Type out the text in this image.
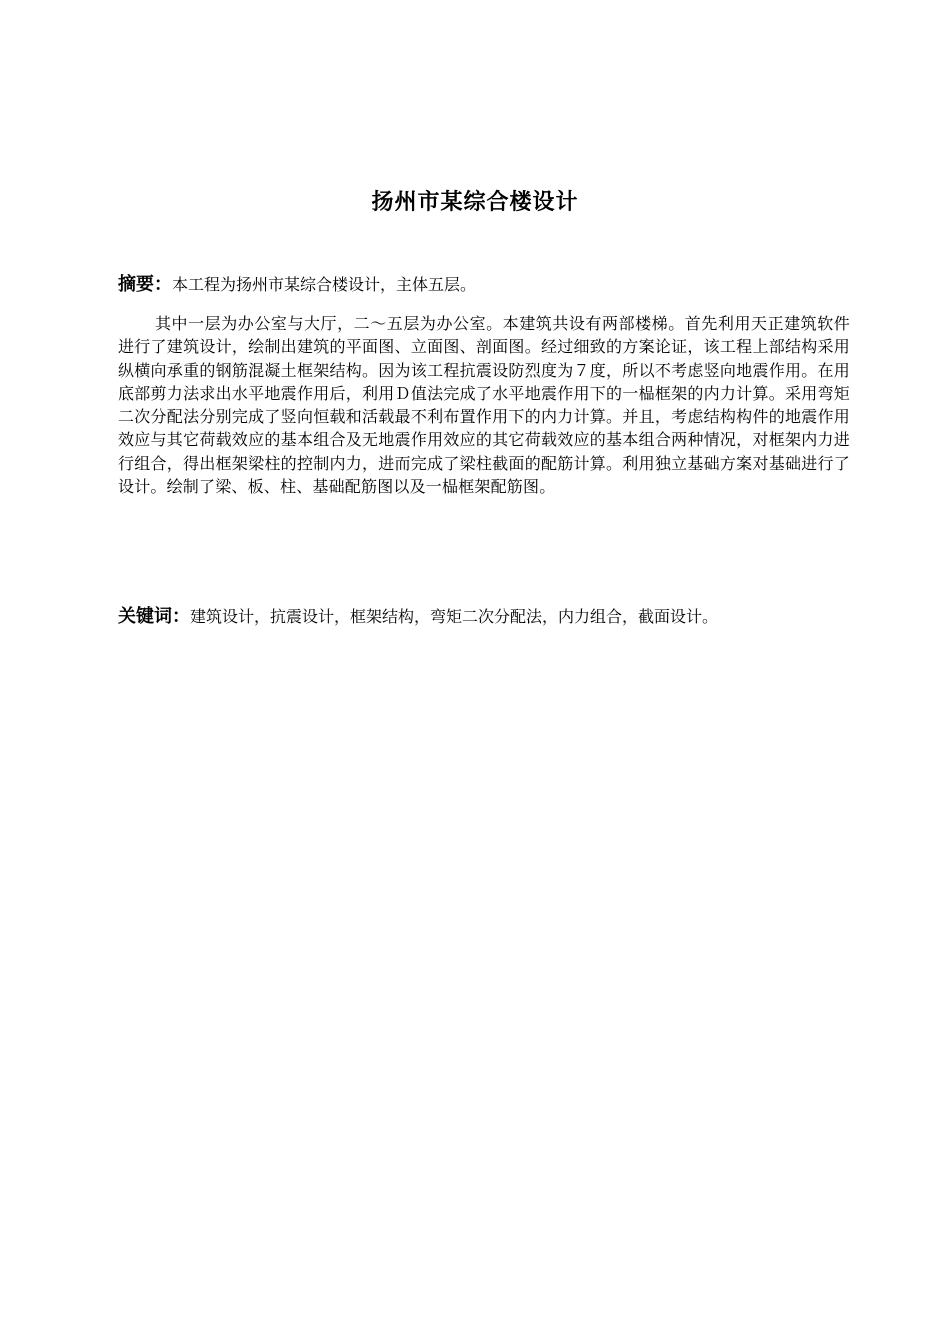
扬州市某综合楼设计
摘要：本工程为扬州市某综合楼设计，主体五层。

其中一层为办公室与大厅，二～五层为办公室。本建筑共设有两部楼梯。首先利用天正建筑软件进行了建筑设计，绘制出建筑的平面图、立面图、剖面图。经过细致的方案论证，该工程上部结构采用纵横向承重的钢筋混凝土框架结构。因为该工程抗震设防烈度为７度，所以不考虑竖向地震作用。在用底部剪力法求出水平地震作用后，利用Ｄ值法完成了水平地震作用下的一榀框架的内力计算。采用弯矩二次分配法分别完成了竖向恒载和活载最不利布置作用下的内力计算。并且，考虑结构构件的地震作用效应与其它荷载效应的基本组合及无地震作用效应的其它荷载效应的基本组合两种情况，对框架内力进行组合，得出框架梁柱的控制内力，进而完成了梁柱截面的配筋计算。利用独立基础方案对基础进行了设计。绘制了梁、板、柱、基础配筋图以及一榀框架配筋图。

关键词：建筑设计，抗震设计，框架结构，弯矩二次分配法，内力组合，截面设计。
